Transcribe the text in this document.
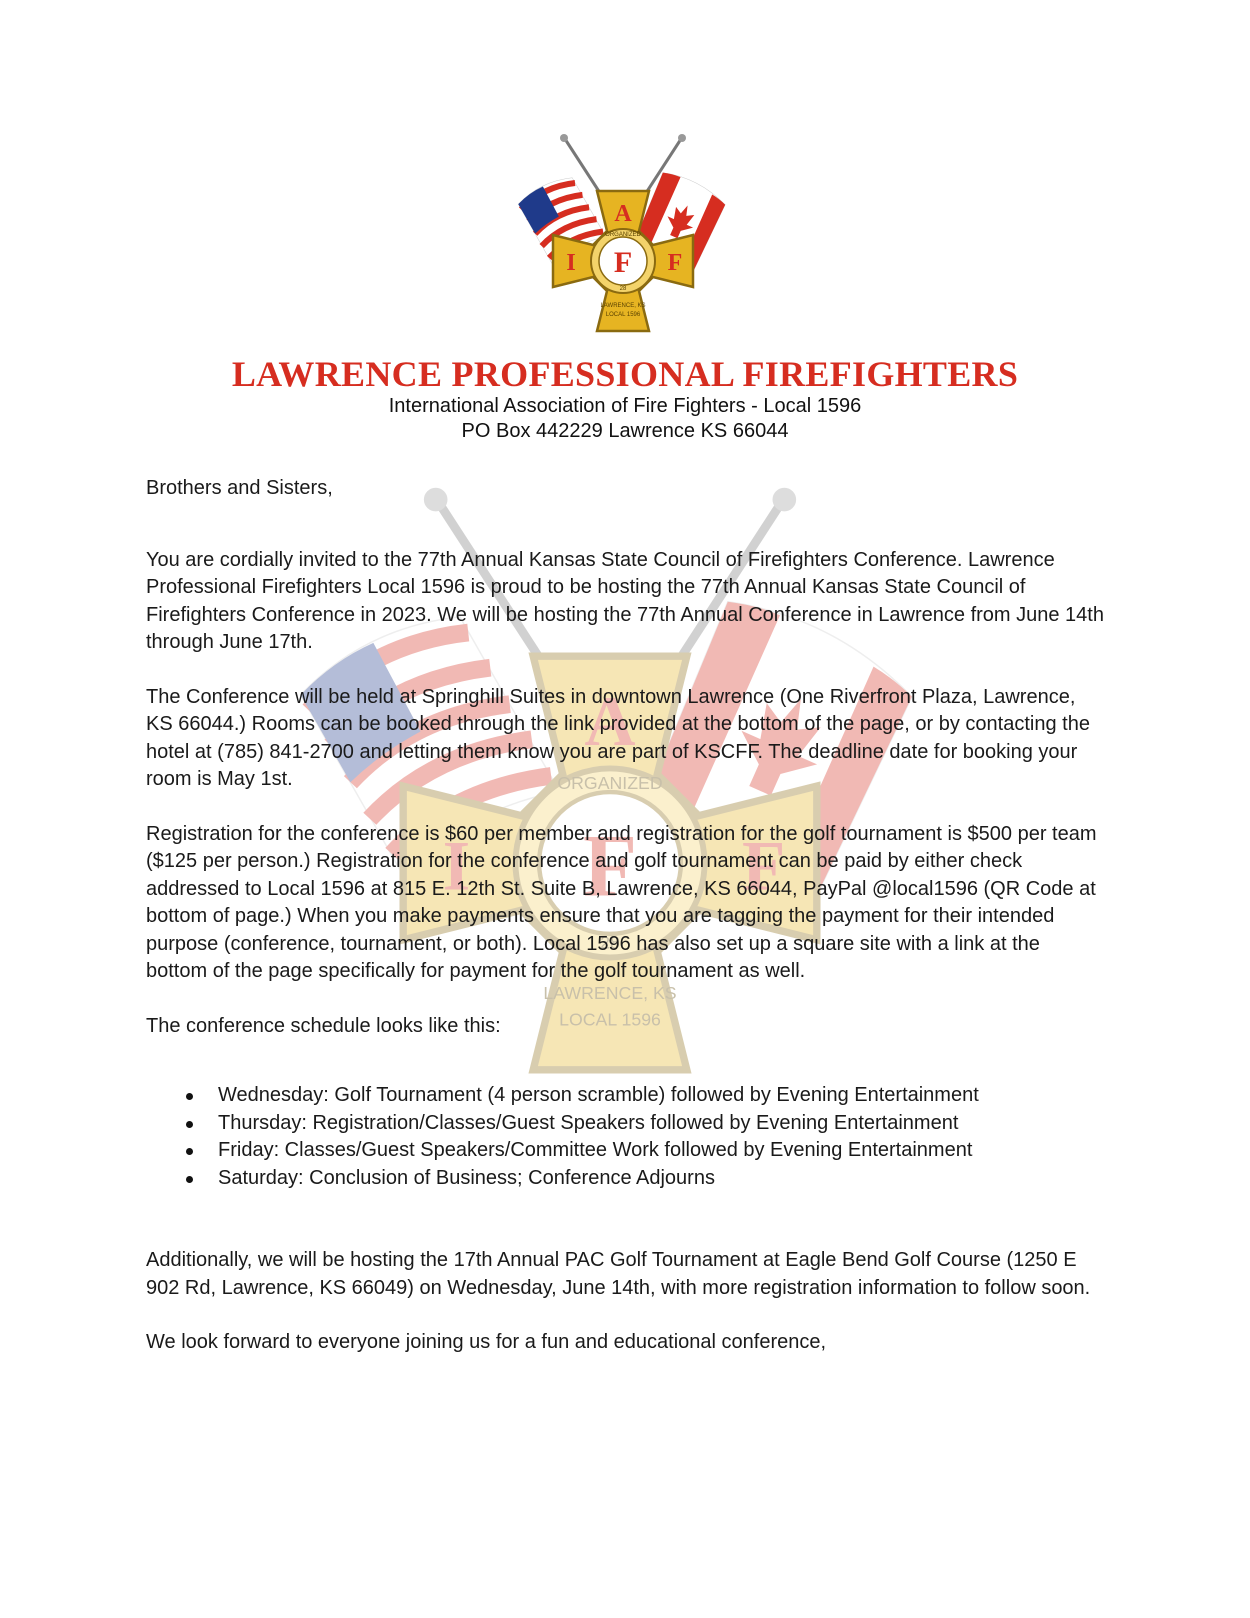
LAWRENCE PROFESSIONAL FIREFIGHTERS
International Association of Fire Fighters - Local 1596
PO Box 442229 Lawrence KS 66044

Brothers and Sisters,

You are cordially invited to the 77th Annual Kansas State Council of Firefighters Conference. Lawrence Professional Firefighters Local 1596 is proud to be hosting the 77th Annual Kansas State Council of Firefighters Conference in 2023. We will be hosting the 77th Annual Conference in Lawrence from June 14th through June 17th.

The Conference will be held at Springhill Suites in downtown Lawrence (One Riverfront Plaza, Lawrence, KS 66044.) Rooms can be booked through the link provided at the bottom of the page, or by contacting the hotel at (785) 841-2700 and letting them know you are part of KSCFF. The deadline date for booking your room is May 1st.

Registration for the conference is $60 per member and registration for the golf tournament is $500 per team ($125 per person.) Registration for the conference and golf tournament can be paid by either check addressed to Local 1596 at 815 E. 12th St. Suite B, Lawrence, KS 66044, PayPal @local1596 (QR Code at bottom of page.) When you make payments ensure that you are tagging the payment for their intended purpose (conference, tournament, or both). Local 1596 has also set up a square site with a link at the bottom of the page specifically for payment for the golf tournament as well.

The conference schedule looks like this:

Wednesday: Golf Tournament (4 person scramble) followed by Evening Entertainment
Thursday: Registration/Classes/Guest Speakers followed by Evening Entertainment
Friday: Classes/Guest Speakers/Committee Work followed by Evening Entertainment
Saturday: Conclusion of Business; Conference Adjourns

Additionally, we will be hosting the 17th Annual PAC Golf Tournament at Eagle Bend Golf Course (1250 E 902 Rd, Lawrence, KS 66049) on Wednesday, June 14th, with more registration information to follow soon.

We look forward to everyone joining us for a fun and educational conference,
